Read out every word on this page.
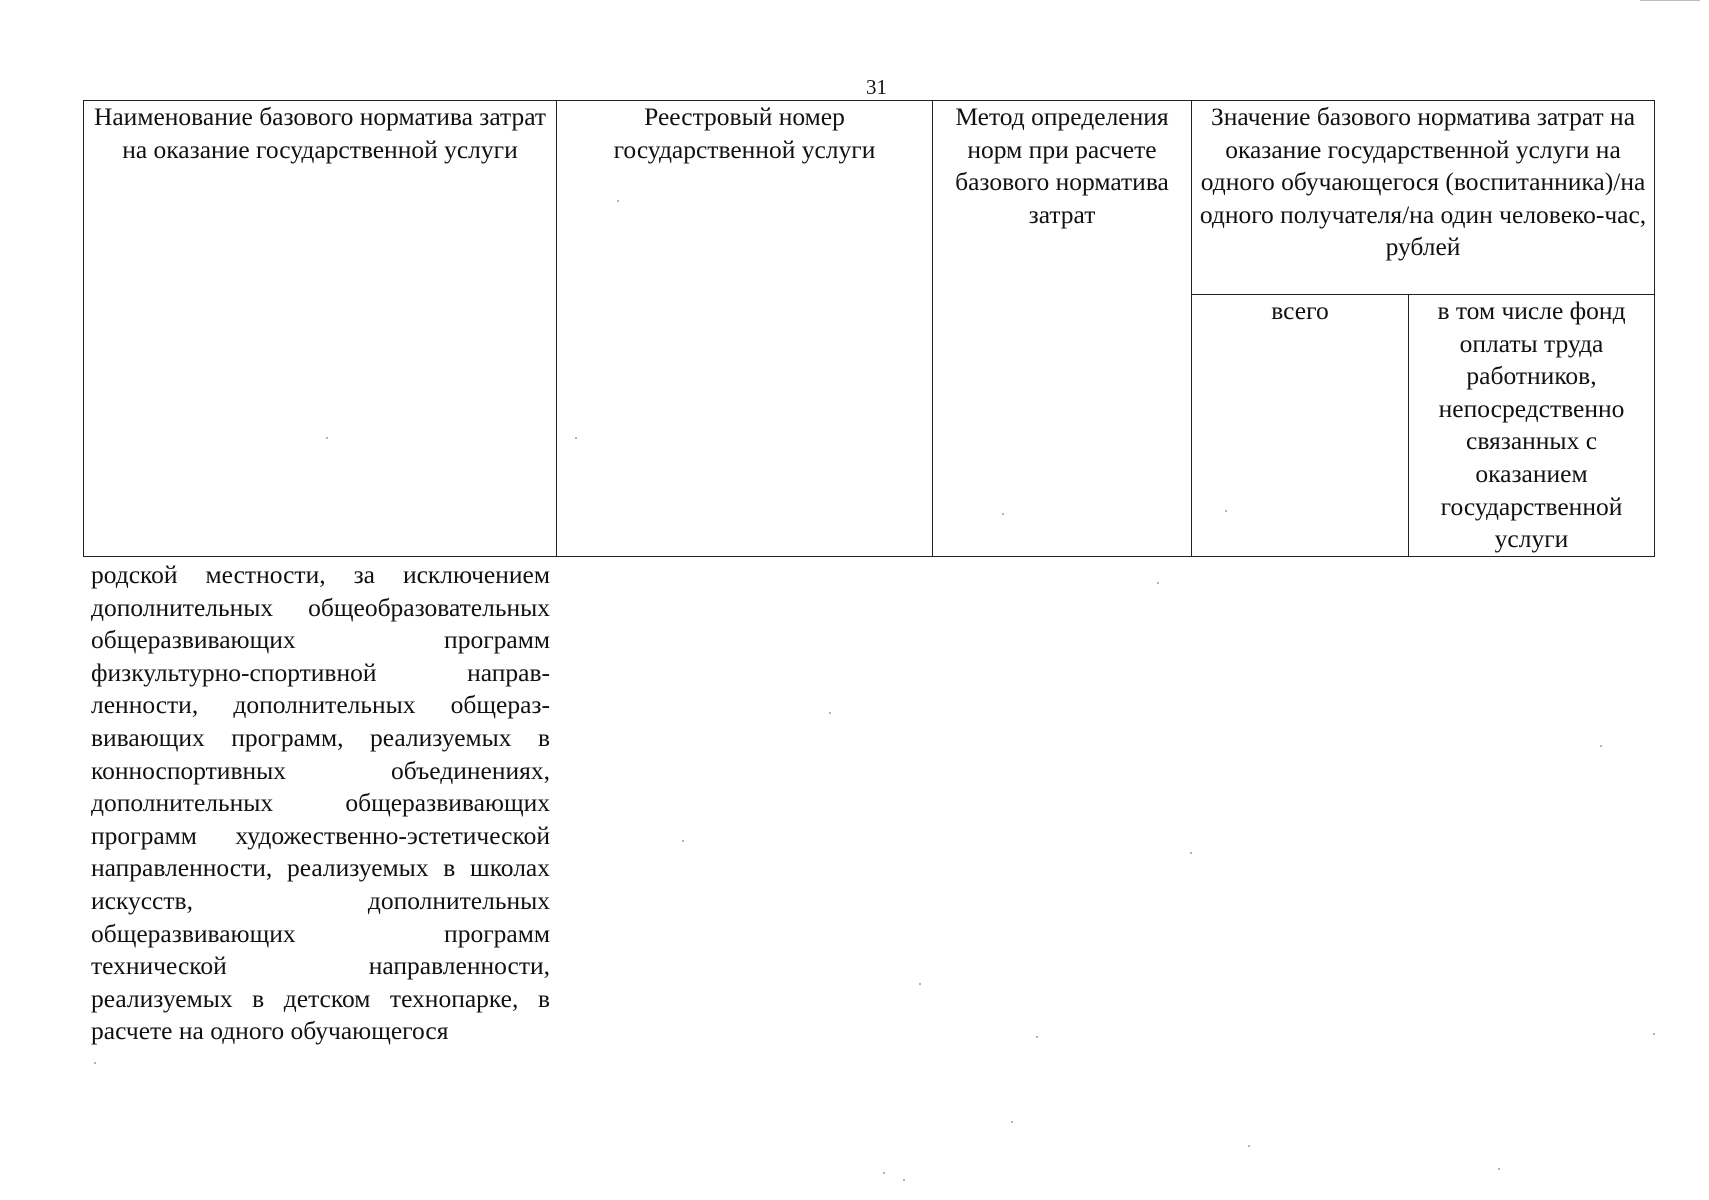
31
Наименование базового норматива затрат на оказание государственной услуги	Реестровый номер государственной услуги	Метод определения норм при расчете базового норматива затрат	Значение базового норматива затрат на оказание государственной услуги на одного обучающегося (воспитанника)/на одного получателя/на один человеко-час, рублей	
			всего	в том числе фонд оплаты труда работников, непосредственно связанных с оказанием государственной услуги
родской местности, за исключением дополнительных общеобразовательных общеразвивающих программ физкультурно-спортивной направленности, дополнительных общеразвивающих программ, реализуемых в конноспортивных объединениях, дополнительных общеразвивающих программ художественно-эстетической направленности, реализуемых в школах искусств, дополнительных общеразвивающих программ технической направленности, реализуемых в детском технопарке, в расчете на одного обучающегося
